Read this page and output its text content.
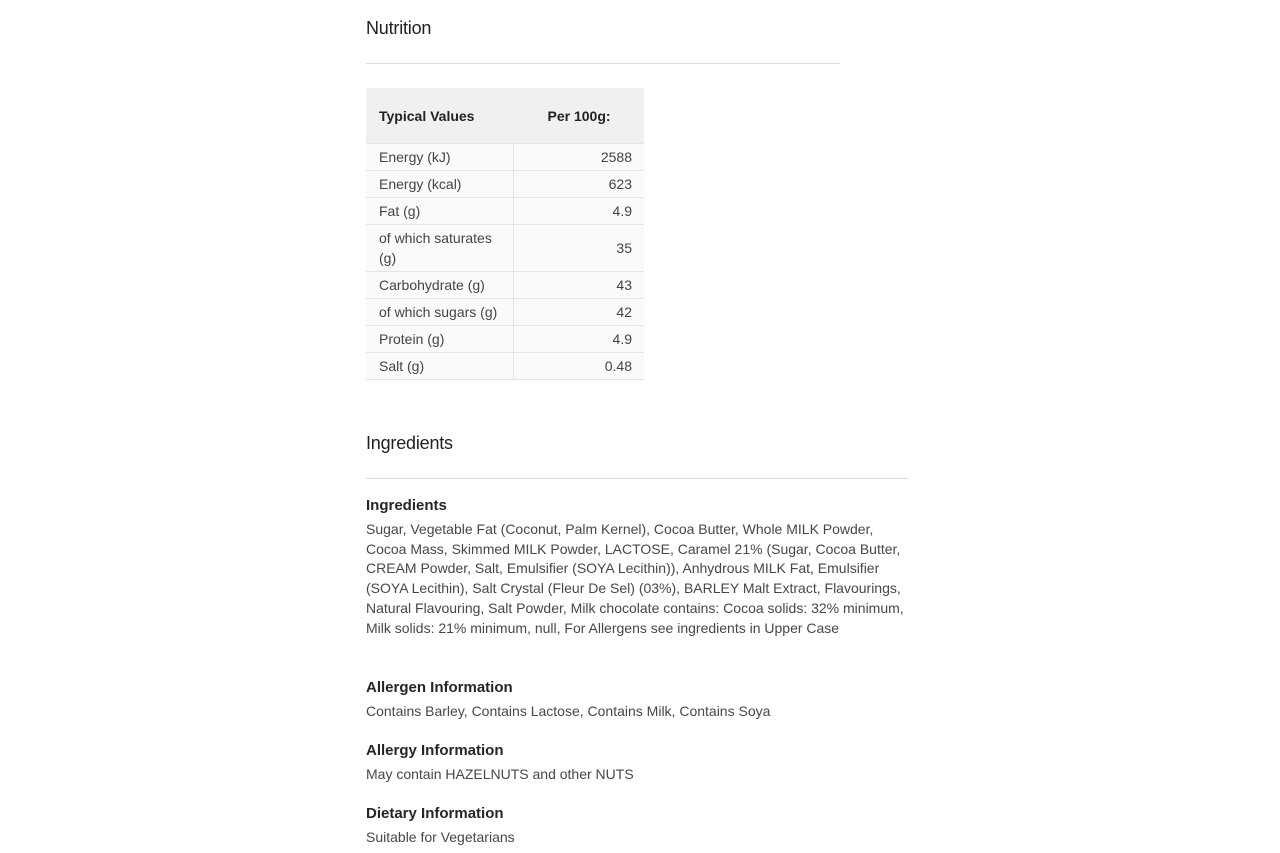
Nutrition
Typical Values	Per 100g:
Energy (kJ)	2588
Energy (kcal)	623
Fat (g)	4.9
of which saturates (g)	35
Carbohydrate (g)	43
of which sugars (g)	42
Protein (g)	4.9
Salt (g)	0.48
Ingredients
Ingredients

Sugar, Vegetable Fat (Coconut, Palm Kernel), Cocoa Butter, Whole MILK Powder, Cocoa Mass, Skimmed MILK Powder, LACTOSE, Caramel 21% (Sugar, Cocoa Butter, CREAM Powder, Salt, Emulsifier (SOYA Lecithin)), Anhydrous MILK Fat, Emulsifier (SOYA Lecithin), Salt Crystal (Fleur De Sel) (03%), BARLEY Malt Extract, Flavourings, Natural Flavouring, Salt Powder, Milk chocolate contains: Cocoa solids: 32% minimum, Milk solids: 21% minimum, null, For Allergens see ingredients in Upper Case

Allergen Information

Contains Barley, Contains Lactose, Contains Milk, Contains Soya

Allergy Information

May contain HAZELNUTS and other NUTS

Dietary Information

Suitable for Vegetarians
